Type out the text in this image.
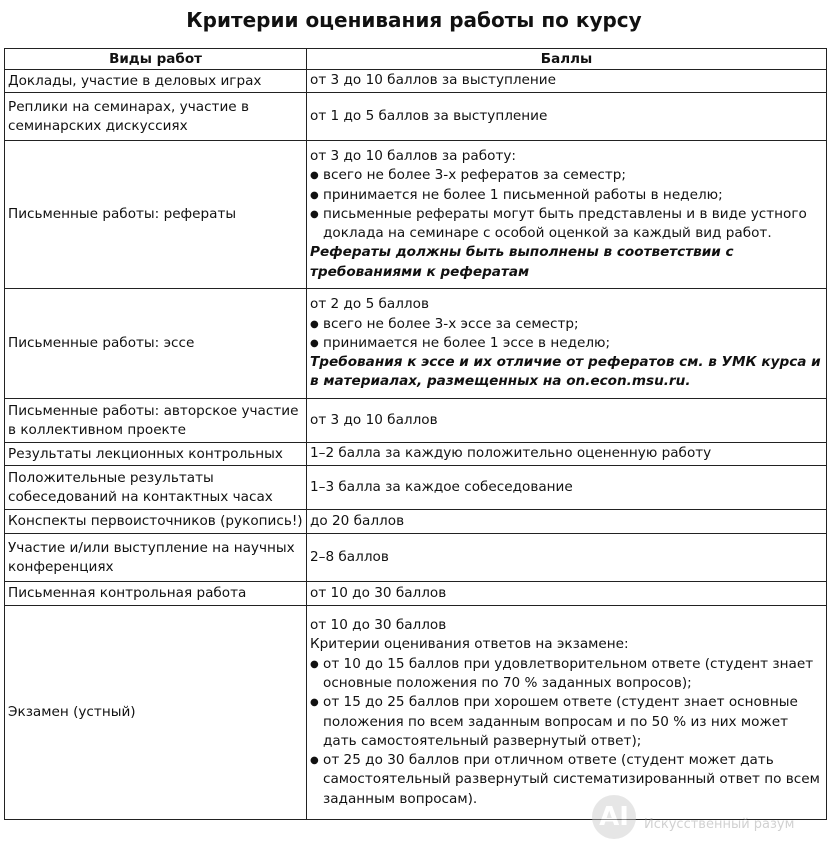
Критерии оценивания работы по курсу
Виды работ	Баллы
Доклады, участие в деловых играх	от 3 до 10 баллов за выступление
Реплики на семинарах, участие в семинарских дискуссиях	от 1 до 5 баллов за выступление
Письменные работы: рефераты	от 3 до 10 баллов за работу:
● всего не более 3-х рефератов за семестр;
● принимается не более 1 письменной работы в неделю;
● письменные рефераты могут быть представлены и в виде устного доклада на семинаре с особой оценкой за каждый вид работ.
Рефераты должны быть выполнены в соответствии с требованиями к рефератам

Письменные работы: эссе	от 2 до 5 баллов
● всего не более 3-х эссе за семестр;
● принимается не более 1 эссе в неделю;
Требования к эссе и их отличие от рефератов см. в УМК курса и в материалах, размещенных на on.econ.msu.ru.

Письменные работы: авторское участие в коллективном проекте	от 3 до 10 баллов
Результаты лекционных контрольных	1–2 балла за каждую положительно оцененную работу
Положительные результаты собеседований на контактных часах	1–3 балла за каждое собеседование
Конспекты первоисточников (рукопись!)	до 20 баллов
Участие и/или выступление на научных конференциях	2–8 баллов
Письменная контрольная работа	от 10 до 30 баллов
Экзамен (устный)	от 10 до 30 баллов
Критерии оценивания ответов на экзамене:
● от 10 до 15 баллов при удовлетворительном ответе (студент знает основные положения по 70 % заданных вопросов);
● от 15 до 25 баллов при хорошем ответе (студент знает основные положения по всем заданным вопросам и по 50 % из них может дать самостоятельный развернутый ответ);
● от 25 до 30 баллов при отличном ответе (студент может дать самостоятельный развернутый систематизированный ответ по всем заданным вопросам).
AI	Искусственный разум
